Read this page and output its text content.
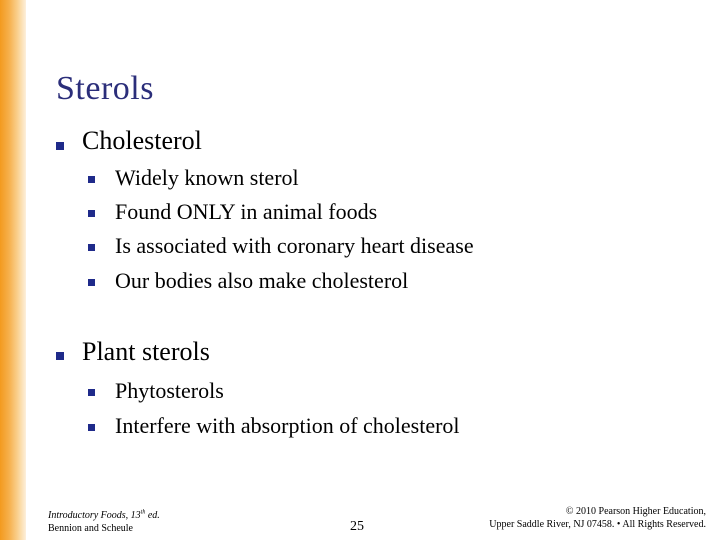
Sterols
Cholesterol
Widely known sterol
Found ONLY in animal foods
Is associated with coronary heart disease
Our bodies also make cholesterol
Plant sterols
Phytosterols
Interfere with absorption of cholesterol
Introductory Foods, 13th ed.
Bennion and Scheule	25
© 2010 Pearson Higher Education,
Upper Saddle River, NJ 07458. • All Rights Reserved.
